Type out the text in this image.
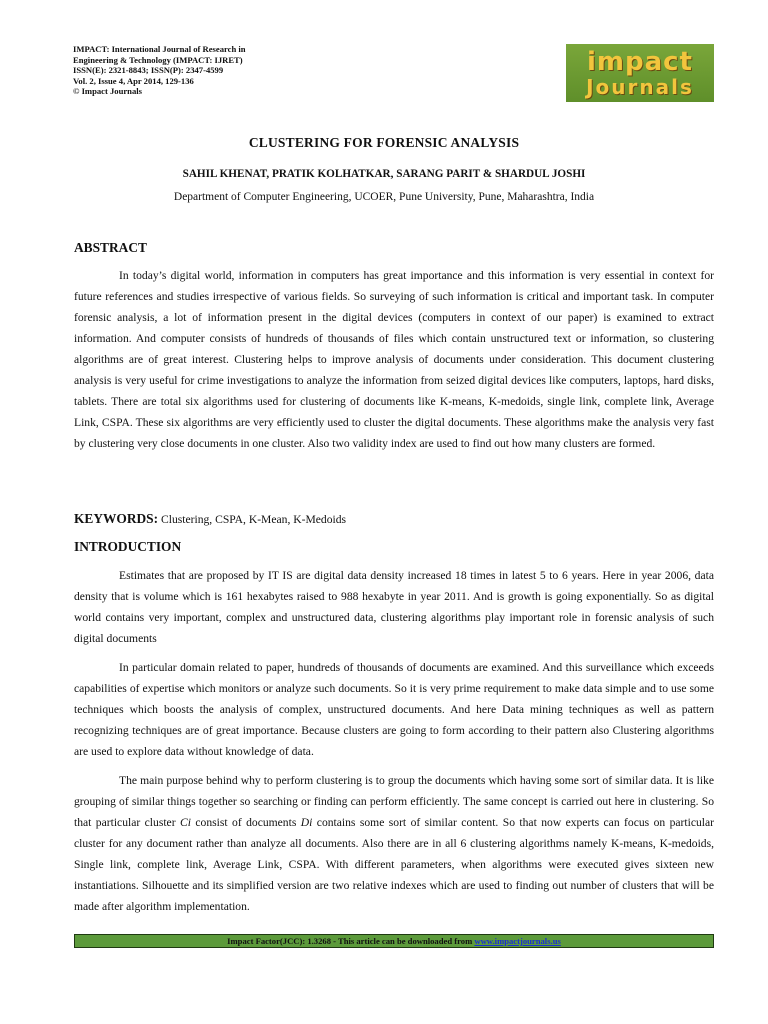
IMPACT: International Journal of Research in
Engineering & Technology (IMPACT: IJRET)
ISSN(E): 2321-8843; ISSN(P): 2347-4599
Vol. 2, Issue 4, Apr 2014, 129-136
© Impact Journals
impact
Journals
CLUSTERING FOR FORENSIC ANALYSIS
SAHIL KHENAT, PRATIK KOLHATKAR, SARANG PARIT & SHARDUL JOSHI
Department of Computer Engineering, UCOER, Pune University, Pune, Maharashtra, India
ABSTRACT
In today’s digital world, information in computers has great importance and this information is very essential in context for future references and studies irrespective of various fields. So surveying of such information is critical and important task. In computer forensic analysis, a lot of information present in the digital devices (computers in context of our paper) is examined to extract information. And computer consists of hundreds of thousands of files which contain unstructured text or information, so clustering algorithms are of great interest. Clustering helps to improve analysis of documents under consideration. This document clustering analysis is very useful for crime investigations to analyze the information from seized digital devices like computers, laptops, hard disks, tablets. There are total six algorithms used for clustering of documents like K-means, K-medoids, single link, complete link, Average Link, CSPA. These six algorithms are very efficiently used to cluster the digital documents. These algorithms make the analysis very fast by clustering very close documents in one cluster. Also two validity index are used to find out how many clusters are formed.
KEYWORDS: Clustering, CSPA, K-Mean, K-Medoids
INTRODUCTION
Estimates that are proposed by IT IS are digital data density increased 18 times in latest 5 to 6 years. Here in year 2006, data density that is volume which is 161 hexabytes raised to 988 hexabyte in year 2011. And is growth is going exponentially. So as digital world contains very important, complex and unstructured data, clustering algorithms play important role in forensic analysis of such digital documents
In particular domain related to paper, hundreds of thousands of documents are examined. And this surveillance which exceeds capabilities of expertise which monitors or analyze such documents. So it is very prime requirement to make data simple and to use some techniques which boosts the analysis of complex, unstructured documents. And here Data mining techniques as well as pattern recognizing techniques are of great importance. Because clusters are going to form according to their pattern also Clustering algorithms are used to explore data without knowledge of data.
The main purpose behind why to perform clustering is to group the documents which having some sort of similar data. It is like grouping of similar things together so searching or finding can perform efficiently. The same concept is carried out here in clustering. So that particular cluster Ci consist of documents Di contains some sort of similar content. So that now experts can focus on particular cluster for any document rather than analyze all documents. Also there are in all 6 clustering algorithms namely K-means, K-medoids, Single link, complete link, Average Link, CSPA. With different parameters, when algorithms were executed gives sixteen new instantiations. Silhouette and its simplified version are two relative indexes which are used to finding out number of clusters that will be made after algorithm implementation.
Impact Factor(JCC): 1.3268 - This article can be downloaded from www.impactjournals.us
